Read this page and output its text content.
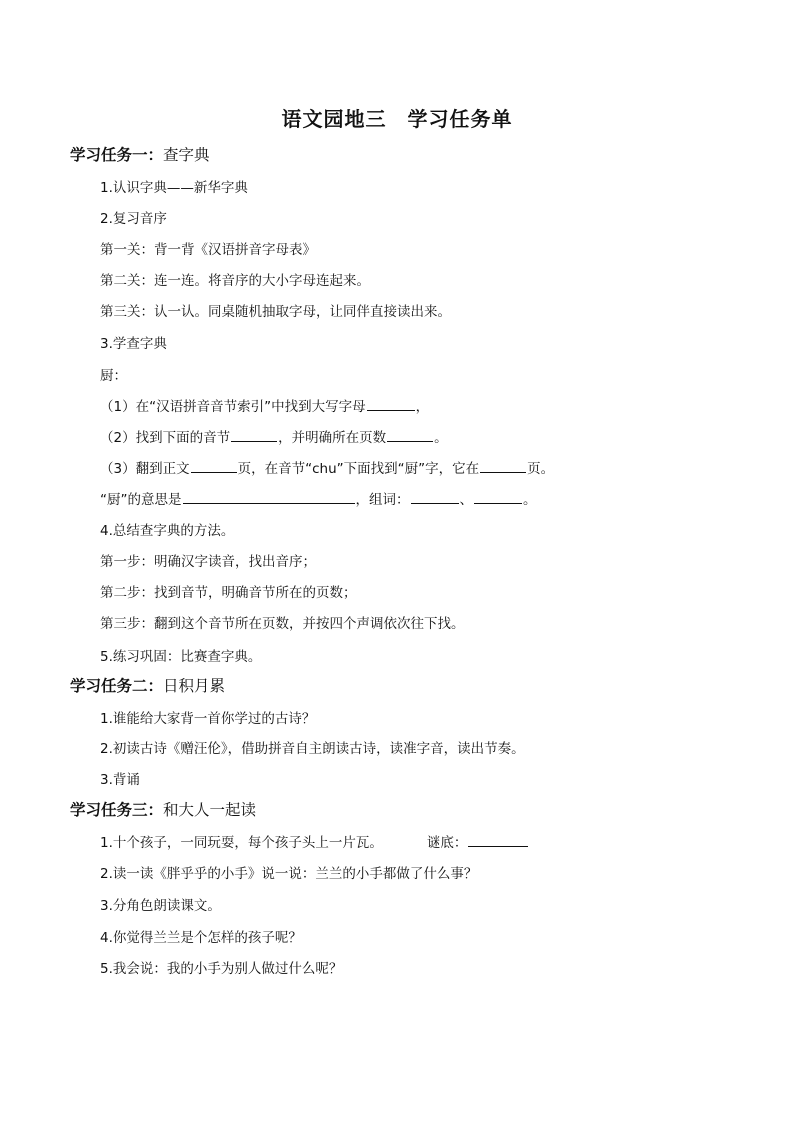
语文园地三　学习任务单
学习任务一：查字典
1.认识字典——新华字典
2.复习音序
第一关：背一背《汉语拼音字母表》
第二关：连一连。将音序的大小字母连起来。
第三关：认一认。同桌随机抽取字母，让同伴直接读出来。
3.学查字典
厨：
（1）在“汉语拼音音节索引”中找到大写字母	，
（2）找到下面的音节	，并明确所在页数	。
（3）翻到正文	页，在音节“chu”下面找到“厨”字，它在	页。
“厨”的意思是	，组词：	、	。
4.总结查字典的方法。
第一步：明确汉字读音，找出音序；
第二步：找到音节，明确音节所在的页数；
第三步：翻到这个音节所在页数，并按四个声调依次往下找。
5.练习巩固：比赛查字典。
学习任务二：日积月累
1.谁能给大家背一首你学过的古诗？
2.初读古诗《赠汪伦》，借助拼音自主朗读古诗，读准字音，读出节奏。
3.背诵
学习任务三：和大人一起读
1.十个孩子，一同玩耍，每个孩子头上一片瓦。	谜底：
2.读一读《胖乎乎的小手》说一说：兰兰的小手都做了什么事？
3.分角色朗读课文。
4.你觉得兰兰是个怎样的孩子呢？
5.我会说：我的小手为别人做过什么呢？
